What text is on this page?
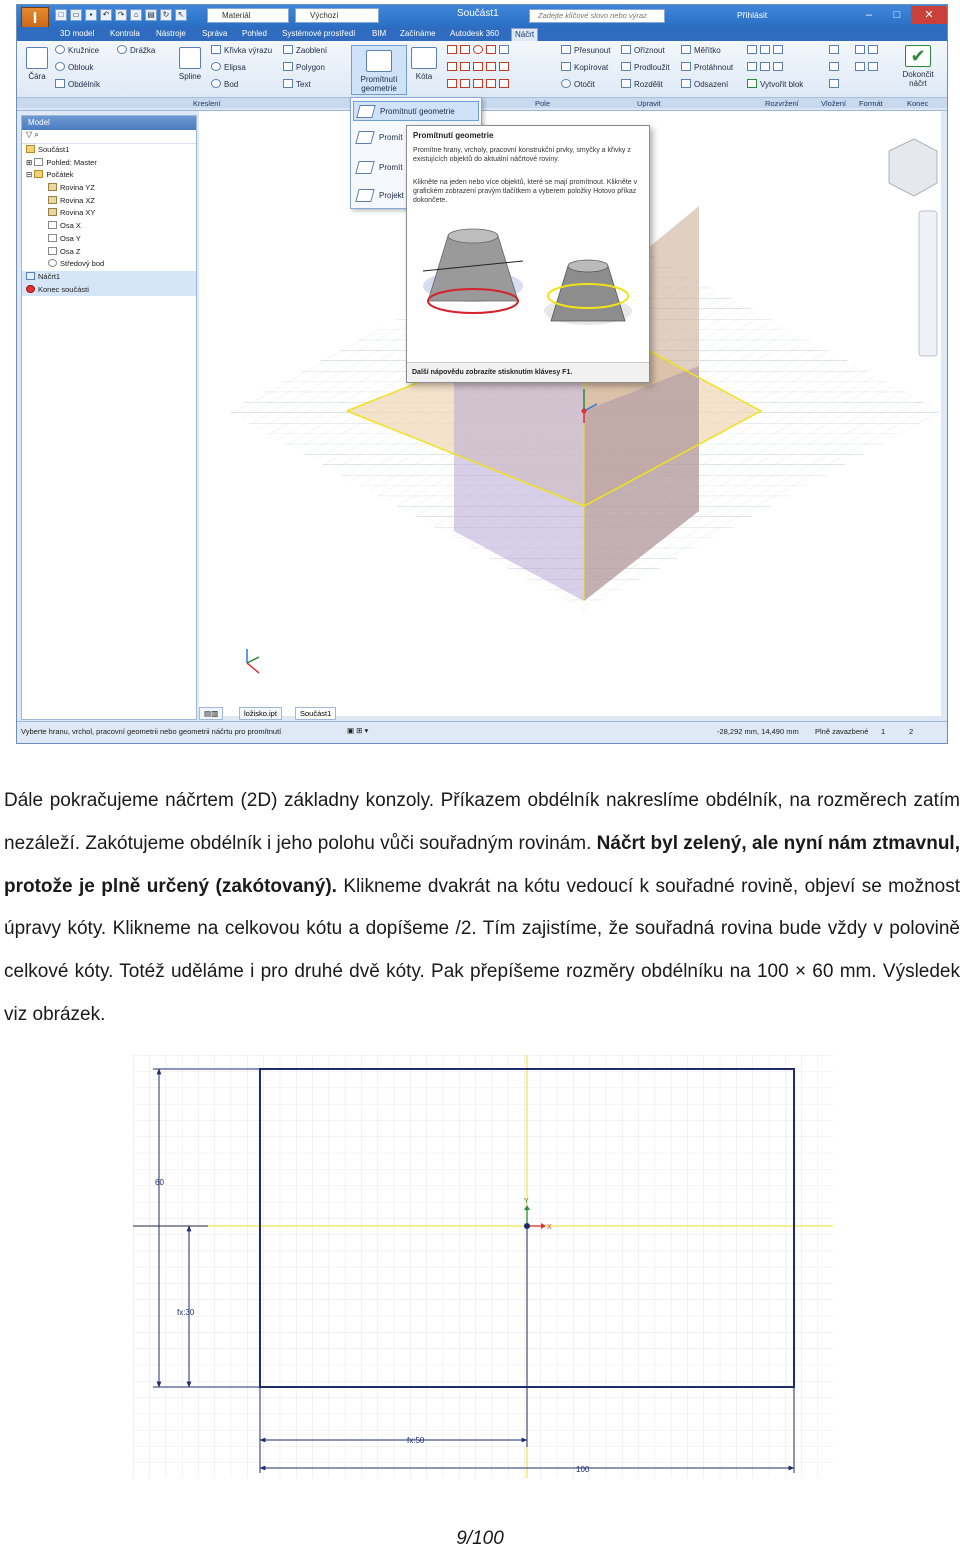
I	□	▭	▪	↶	↷	⌂	▤ ↻	↖	Materiál	Výchozí	Součást1	Zadejte klíčové slovo nebo výraz	Přihlásit	–	□	✕
3D model	Kontrola	Nástroje	Správa	Pohled	Systémové prostředí	BIM	Začínáme	Autodesk 360	Náčrt
Čára
Kružnice
Oblouk
Obdélník
Drážka
Spline
Křivka výrazu
Elipsa
Bod
Zaoblení
Polygon
Text
Promítnutí geometrie
Kóta
Přesunout
Kopírovat
Otočit
Oříznout
Prodloužit
Rozdělit
Měřítko
Protáhnout
Odsazení	Vytvořit blok
✔
Dokončit náčrt
Kreslení	Pole	Upravit	Rozvržení	Vložení Formát	Konec
Model
▽ ⌕
Součást1
⊞ Pohled: Master
⊟ Počátek
Rovina YZ
Rovina XZ
Rovina XY
Osa X
Osa Y
Osa Z
Středový bod
Náčrt1
Konec součásti
Promítnutí geometrie
Promít
Promít
Projekt
Promítnutí geometrie
Promítne hrany, vrcholy, pracovní konstrukční prvky, smyčky a křivky z existujících objektů do aktuální náčrtové roviny.
Klikněte na jeden nebo více objektů, které se mají promítnout. Klikněte v grafickém zobrazení pravým tlačítkem a vyberem položky Hotovo příkaz dokončete.
Další nápovědu zobrazíte stisknutím klávesy F1.
▤▥	ložisko.ipt	Součást1
Vyberte hranu, vrchol, pracovní geometrii nebo geometrii náčrtu pro promítnutí	▣ ⊞ ▾	-28,292 mm, 14,490 mm Plně zavazbené 1	2

Dále pokračujeme náčrtem (2D) základny konzoly. Příkazem obdélník nakreslíme obdélník, na rozměrech zatím nezáleží. Zakótujeme obdélník i jeho polohu vůči souřadným rovinám. Náčrt byl zelený, ale nyní nám ztmavnul, protože je plně určený (zakótovaný). Klikneme dvakrát na kótu vedoucí k souřadné rovině, objeví se možnost úpravy kóty. Klikneme na celkovou kótu a dopíšeme /2. Tím zajistíme, že souřadná rovina bude vždy v polovině celkové kóty. Totéž uděláme i pro druhé dvě kóty. Pak přepíšeme rozměry obdélníku na 100 × 60 mm. Výsledek viz obrázek.

60
fx:30
fx:50
100
Y
X
9/100
